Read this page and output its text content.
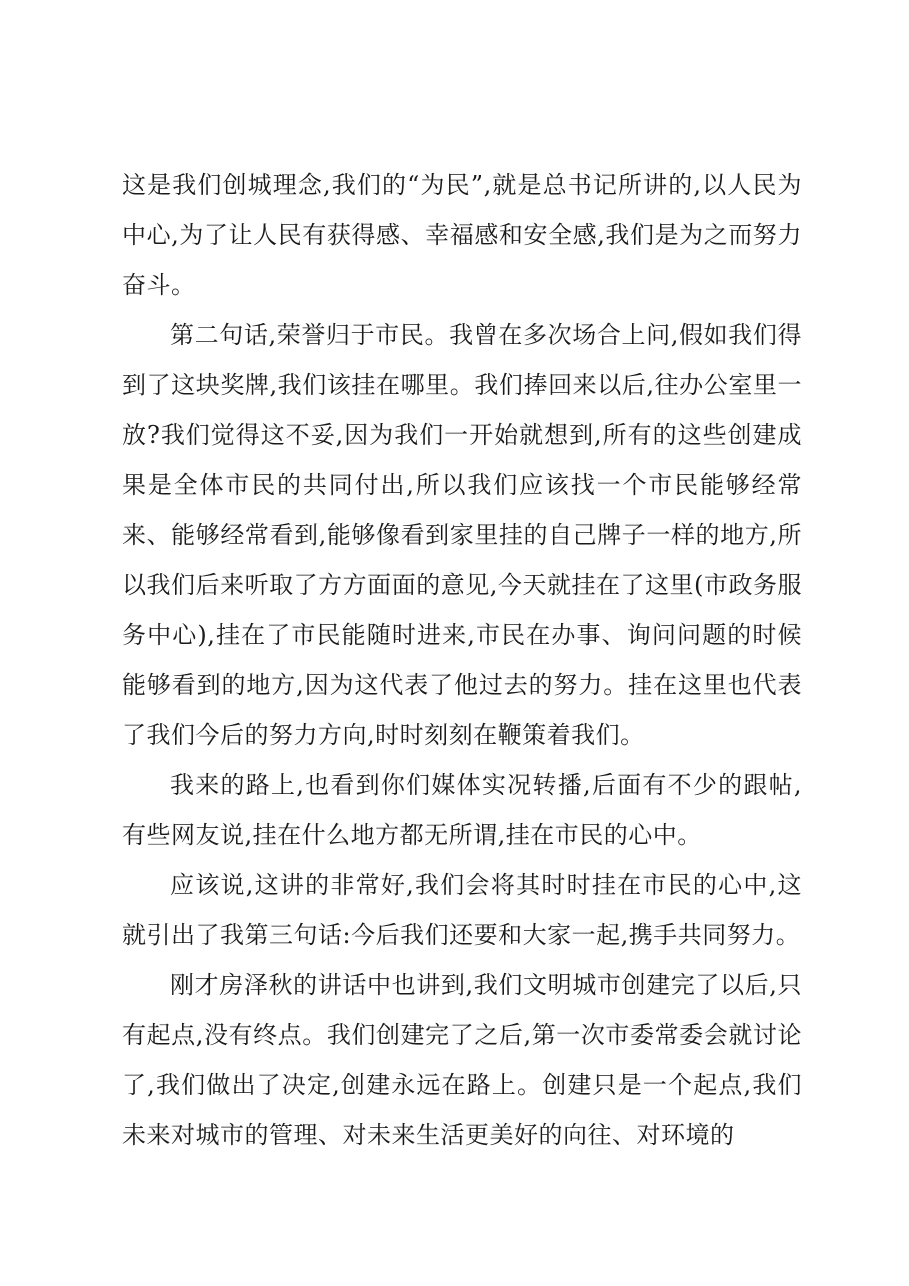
这是我们创城理念,我们的“为民”,就是总书记所讲的,以人民为中心,为了让人民有获得感、幸福感和安全感,我们是为之而努力奋斗。

第二句话,荣誉归于市民。我曾在多次场合上问,假如我们得到了这块奖牌,我们该挂在哪里。我们捧回来以后,往办公室里一放?我们觉得这不妥,因为我们一开始就想到,所有的这些创建成果是全体市民的共同付出,所以我们应该找一个市民能够经常来、能够经常看到,能够像看到家里挂的自己牌子一样的地方,所以我们后来听取了方方面面的意见,今天就挂在了这里(市政务服务中心),挂在了市民能随时进来,市民在办事、询问问题的时候能够看到的地方,因为这代表了他过去的努力。挂在这里也代表了我们今后的努力方向,时时刻刻在鞭策着我们。

我来的路上,也看到你们媒体实况转播,后面有不少的跟帖,有些网友说,挂在什么地方都无所谓,挂在市民的心中。

应该说,这讲的非常好,我们会将其时时挂在市民的心中,这就引出了我第三句话:今后我们还要和大家一起,携手共同努力。

刚才房泽秋的讲话中也讲到,我们文明城市创建完了以后,只有起点,没有终点。我们创建完了之后,第一次市委常委会就讨论了,我们做出了决定,创建永远在路上。创建只是一个起点,我们未来对城市的管理、对未来生活更美好的向往、对环境的
